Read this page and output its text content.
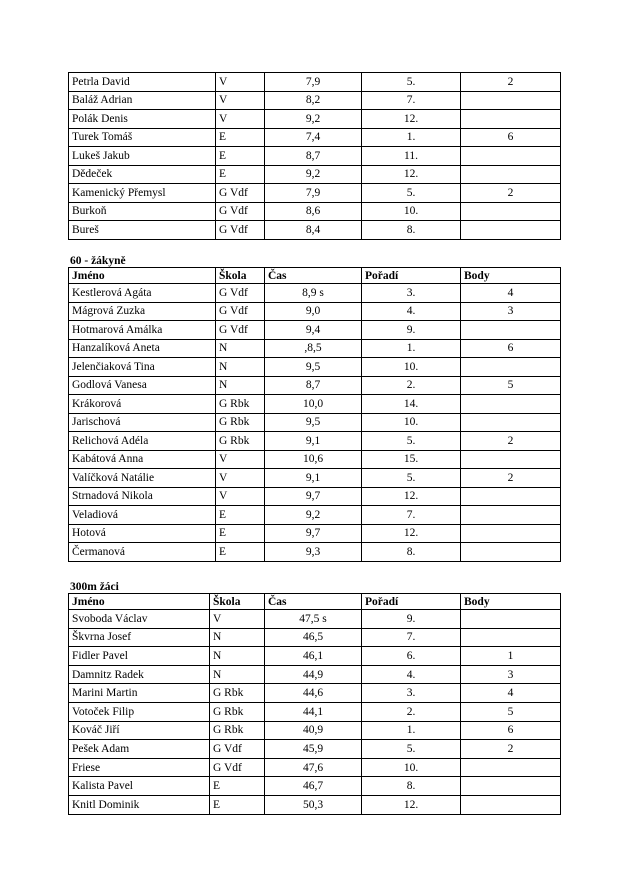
Petrla David	V	7,9	5.	2
Baláž Adrian	V	8,2	7.	
Polák Denis	V	9,2	12.	
Turek Tomáš	E	7,4	1.	6
Lukeš Jakub	E	8,7	11.	
Dědeček	E	9,2	12.	
Kamenický Přemysl	G Vdf	7,9	5.	2
Burkoň	G Vdf	8,6	10.	
Bureš	G Vdf	8,4	8.	
60 - žákyně
Jméno	Škola	Čas	Pořadí	Body
Kestlerová Agáta	G Vdf	8,9 s	3.	4
Mágrová Zuzka	G Vdf	9,0	4.	3
Hotmarová Amálka	G Vdf	9,4	9.	
Hanzalíková Aneta	N	,8,5	1.	6
Jelenčiaková Tina	N	9,5	10.	
Godlová Vanesa	N	8,7	2.	5
Krákorová	G Rbk	10,0	14.	
Jarischová	G Rbk	9,5	10.	
Relichová Adéla	G Rbk	9,1	5.	2
Kabátová Anna	V	10,6	15.	
Valíčková Natálie	V	9,1	5.	2
Strnadová Nikola	V	9,7	12.	
Veladiová	E	9,2	7.	
Hotová	E	9,7	12.	
Čermanová	E	9,3	8.	
300m žáci
Jméno	Škola	Čas	Pořadí	Body
Svoboda Václav	V	47,5 s	9.	
Škvrna Josef	N	46,5	7.	
Fidler Pavel	N	46,1	6.	1
Damnitz Radek	N	44,9	4.	3
Marini Martin	G Rbk	44,6	3.	4
Votoček Filip	G Rbk	44,1	2.	5
Kováč Jiří	G Rbk	40,9	1.	6
Pešek Adam	G Vdf	45,9	5.	2
Friese	G Vdf	47,6	10.	
Kalista Pavel	E	46,7	8.	
Knitl Dominik	E	50,3	12.	
